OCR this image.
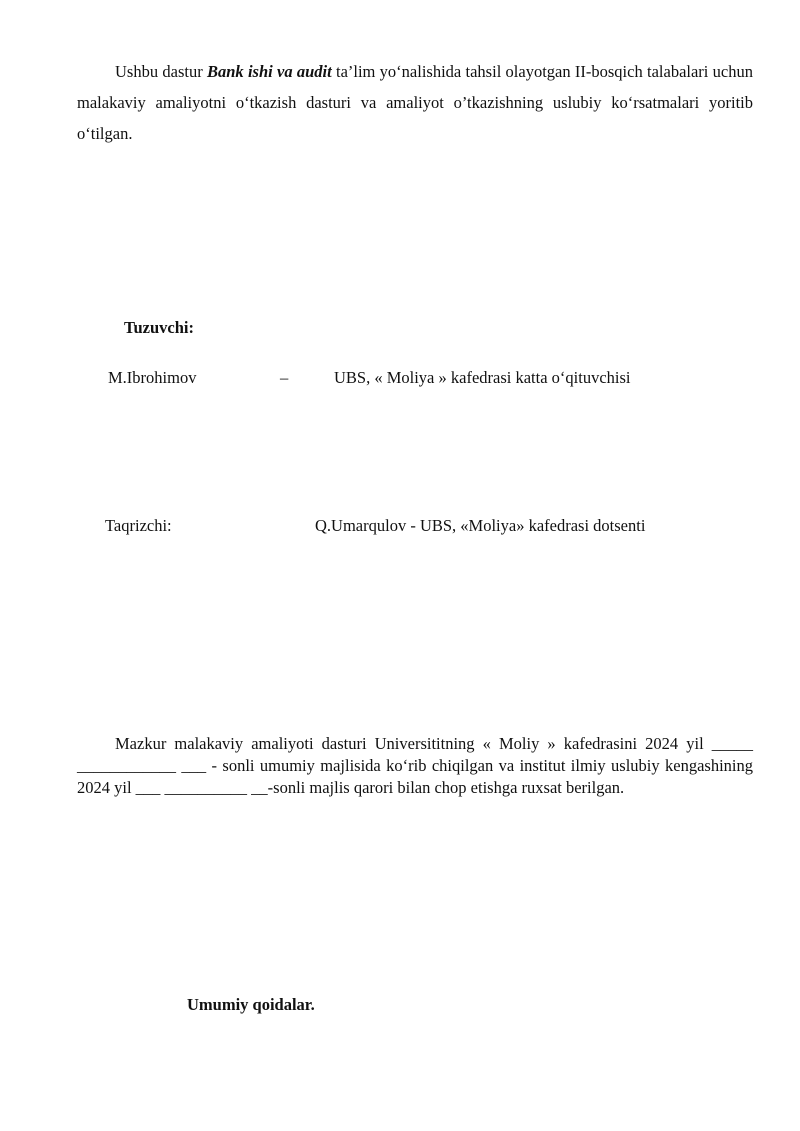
Ushbu dastur Bank ishi va audit ta’lim yo‘nalishida tahsil olayotgan II-bosqich talabalari uchun malakaviy amaliyotni o‘tkazish dasturi va amaliyot o’tkazishning uslubiy ko‘rsatmalari yoritib o‘tilgan.

Tuzuvchi:
M.Ibrohimov	–	UBS, « Moliya » kafedrasi katta o‘qituvchisi
Taqrizchi:	Q.Umarqulov - UBS, «Moliya» kafedrasi dotsenti

Mazkur malakaviy amaliyoti dasturi Universititning « Moliy » kafedrasini 2024 yil _____ ____________ ___ - sonli umumiy majlisida ko‘rib chiqilgan va institut ilmiy uslubiy kengashining 2024 yil ___ __________ __-sonli majlis qarori bilan chop etishga ruxsat berilgan.

Umumiy qoidalar.
